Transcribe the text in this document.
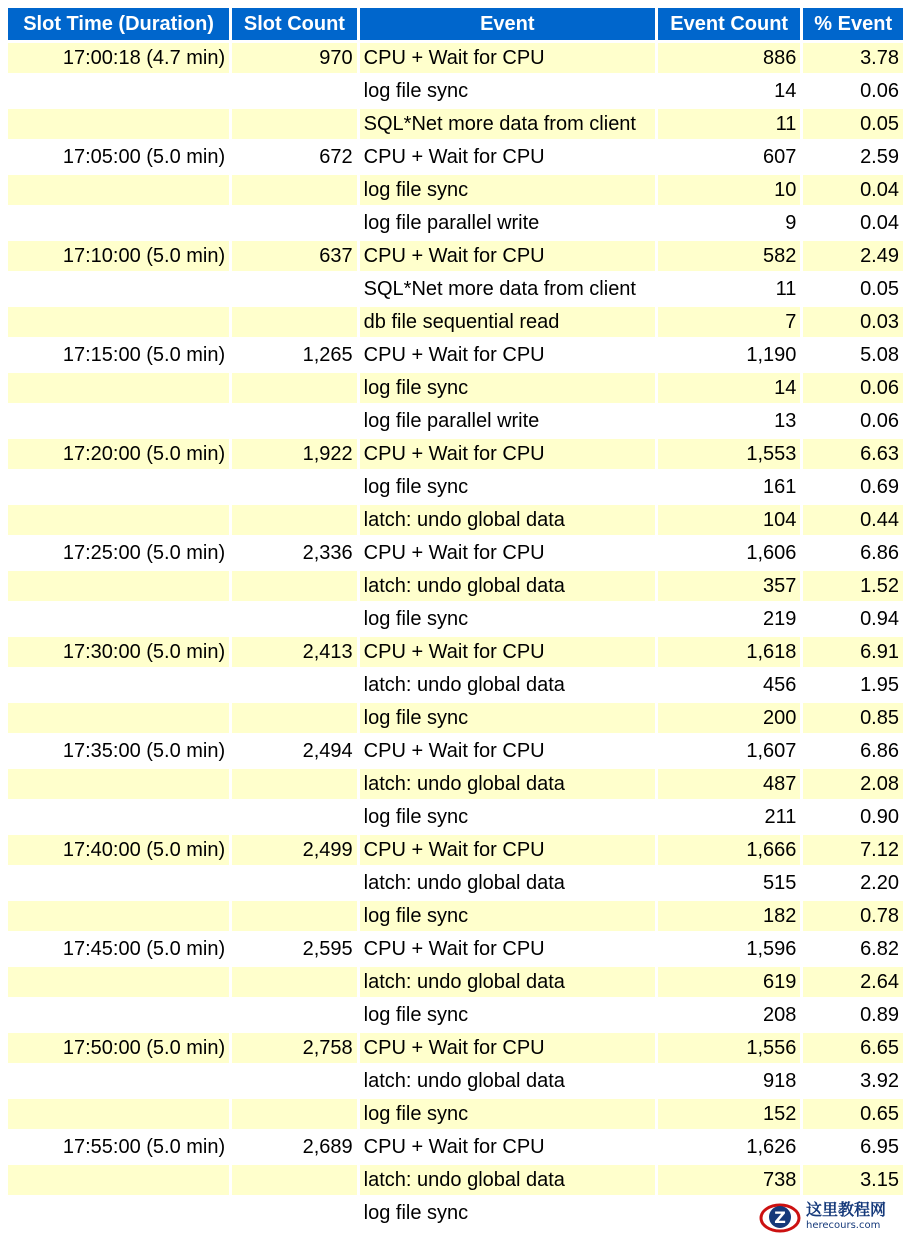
Slot Time (Duration)	Slot Count	Event	Event Count	% Event
17:00:18 (4.7 min)	970	CPU + Wait for CPU	886	3.78
		log file sync	14	0.06
		SQL*Net more data from client	11	0.05
17:05:00 (5.0 min)	672	CPU + Wait for CPU	607	2.59
		log file sync	10	0.04
		log file parallel write	9	0.04
17:10:00 (5.0 min)	637	CPU + Wait for CPU	582	2.49
		SQL*Net more data from client	11	0.05
		db file sequential read	7	0.03
17:15:00 (5.0 min)	1,265	CPU + Wait for CPU	1,190	5.08
		log file sync	14	0.06
		log file parallel write	13	0.06
17:20:00 (5.0 min)	1,922	CPU + Wait for CPU	1,553	6.63
		log file sync	161	0.69
		latch: undo global data	104	0.44
17:25:00 (5.0 min)	2,336	CPU + Wait for CPU	1,606	6.86
		latch: undo global data	357	1.52
		log file sync	219	0.94
17:30:00 (5.0 min)	2,413	CPU + Wait for CPU	1,618	6.91
		latch: undo global data	456	1.95
		log file sync	200	0.85
17:35:00 (5.0 min)	2,494	CPU + Wait for CPU	1,607	6.86
		latch: undo global data	487	2.08
		log file sync	211	0.90
17:40:00 (5.0 min)	2,499	CPU + Wait for CPU	1,666	7.12
		latch: undo global data	515	2.20
		log file sync	182	0.78
17:45:00 (5.0 min)	2,595	CPU + Wait for CPU	1,596	6.82
		latch: undo global data	619	2.64
		log file sync	208	0.89
17:50:00 (5.0 min)	2,758	CPU + Wait for CPU	1,556	6.65
		latch: undo global data	918	3.92
		log file sync	152	0.65
17:55:00 (5.0 min)	2,689	CPU + Wait for CPU	1,626	6.95
		latch: undo global data	738	3.15
		log file sync			Z 这里教程网
herecours.com
